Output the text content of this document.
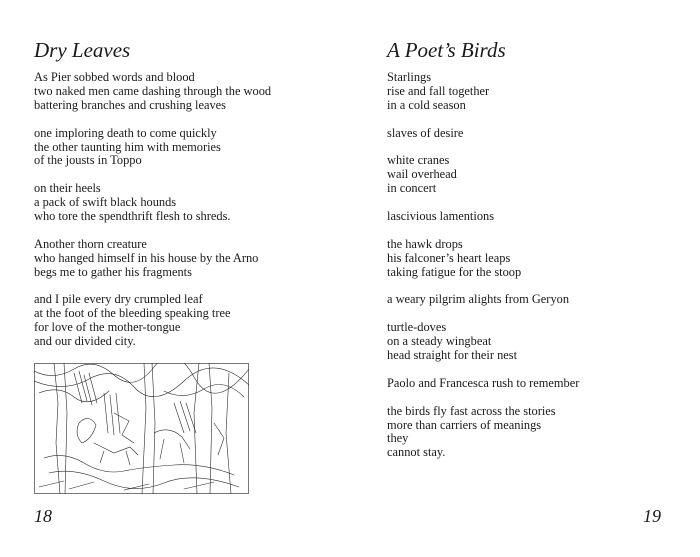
Dry Leaves
As Pier sobbed words and blood
two naked men came dashing through the wood
battering branches and crushing leaves
one imploring death to come quickly
the other taunting him with memories
of the jousts in Toppo
on their heels
a pack of swift black hounds
who tore the spendthrift flesh to shreds.
Another thorn creature
who hanged himself in his house by the Arno
begs me to gather his fragments
and I pile every dry crumpled leaf
at the foot of the bleeding speaking tree
for love of the mother-tongue
and our divided city.
18
A Poet’s Birds
Starlings
rise and fall together
in a cold season
slaves of desire
white cranes
wail overhead
in concert
lascivious lamentions
the hawk drops
his falconer’s heart leaps
taking fatigue for the stoop
a weary pilgrim alights from Geryon
turtle-doves
on a steady wingbeat
head straight for their nest
Paolo and Francesca rush to remember
the birds fly fast across the stories
more than carriers of meanings
they
cannot stay.
19
